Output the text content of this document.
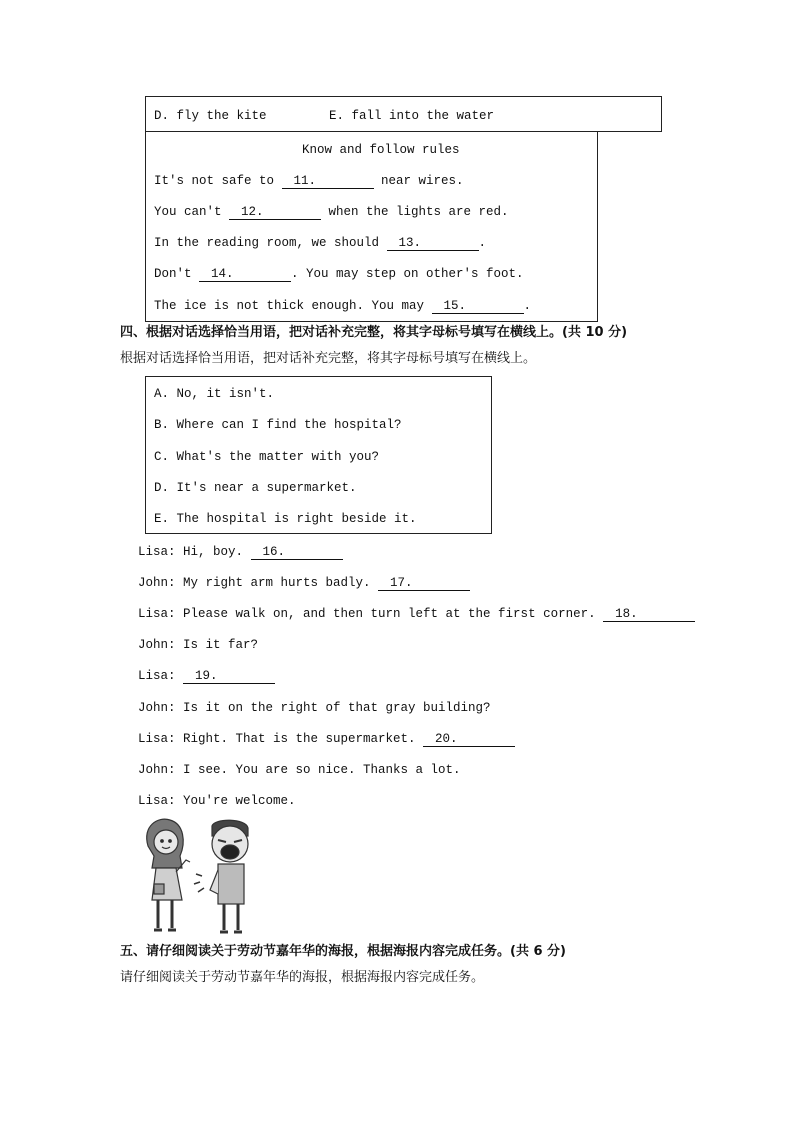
D. fly the kite	E. fall into the water
Know and follow rules
It's not safe to 11.	near wires.
You can't 12.	when the lights are red.
In the reading room, we should 13.	.
Don't 14.	. You may step on other's foot.
The ice is not thick enough. You may 15.	.
四、根据对话选择恰当用语，把对话补充完整，将其字母标号填写在横线上。(共 10 分)
根据对话选择恰当用语，把对话补充完整，将其字母标号填写在横线上。
A. No, it isn't.
B. Where can I find the hospital?
C. What's the matter with you?
D. It's near a supermarket.
E. The hospital is right beside it.
Lisa: Hi, boy. 16.
John: My right arm hurts badly. 17.
Lisa: Please walk on, and then turn left at the first corner. 18.
John: Is it far?
Lisa: 19.
John: Is it on the right of that gray building?
Lisa: Right. That is the supermarket. 20.
John: I see. You are so nice. Thanks a lot.
Lisa: You're welcome.
五、请仔细阅读关于劳动节嘉年华的海报，根据海报内容完成任务。(共 6 分)
请仔细阅读关于劳动节嘉年华的海报，根据海报内容完成任务。
